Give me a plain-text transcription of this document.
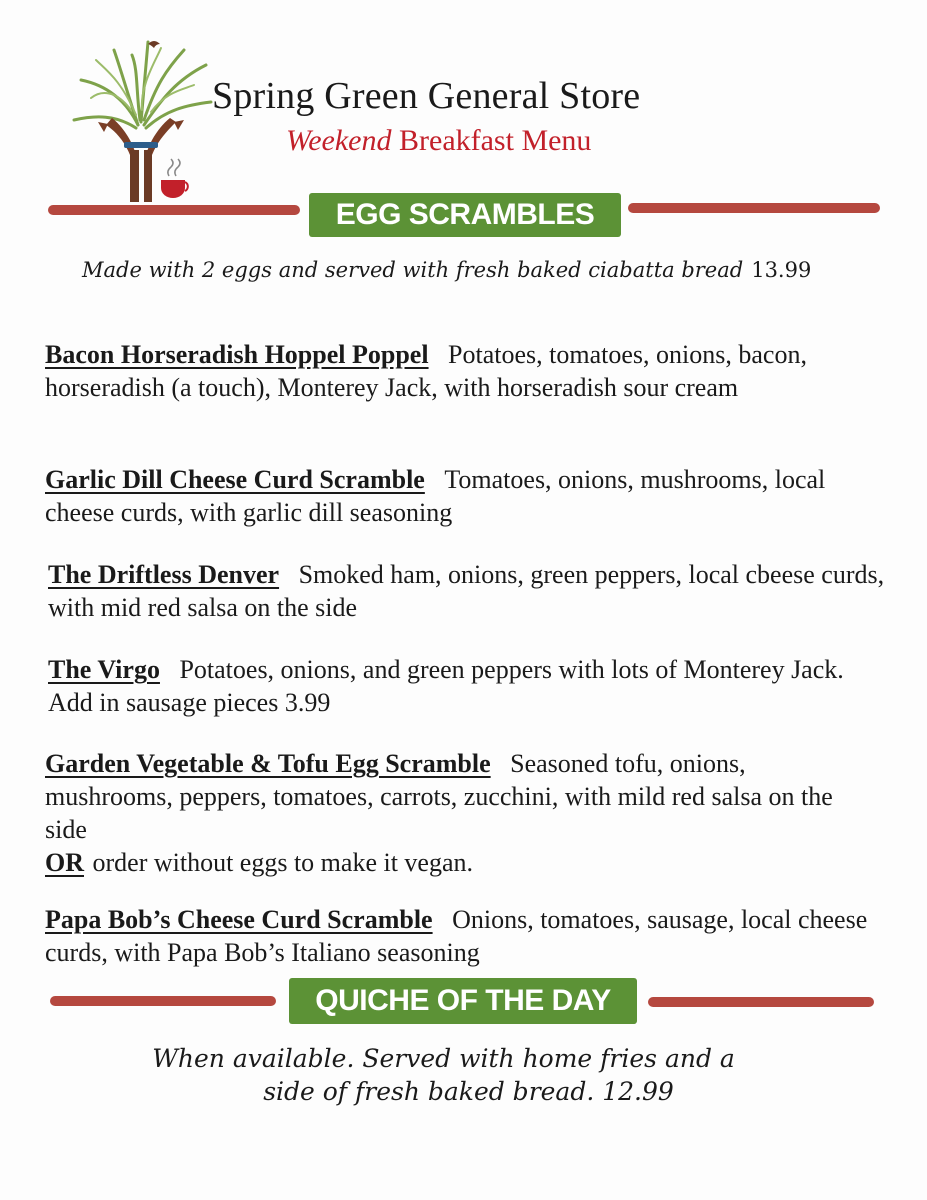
Spring Green General Store
Weekend Breakfast Menu
EGG SCRAMBLES
Made with 2 eggs and served with fresh baked ciabatta bread 13.99
Bacon Horseradish Hoppel Poppel Potatoes, tomatoes, onions, bacon, horseradish (a touch), Monterey Jack, with horseradish sour cream
Garlic Dill Cheese Curd Scramble Tomatoes, onions, mushrooms, local cheese curds, with garlic dill seasoning
The Driftless Denver Smoked ham, onions, green peppers, local cbeese curds, with mid red salsa on the side
The Virgo Potatoes, onions, and green peppers with lots of Monterey Jack. Add in sausage pieces 3.99
Garden Vegetable & Tofu Egg Scramble Seasoned tofu, onions, mushrooms, peppers, tomatoes, carrots, zucchini, with mild red salsa on the side
OR order without eggs to make it vegan.
Papa Bob’s Cheese Curd Scramble Onions, tomatoes, sausage, local cheese curds, with Papa Bob’s Italiano seasoning
QUICHE OF THE DAY
When available. Served with home fries and a
side of fresh baked bread. 12.99
